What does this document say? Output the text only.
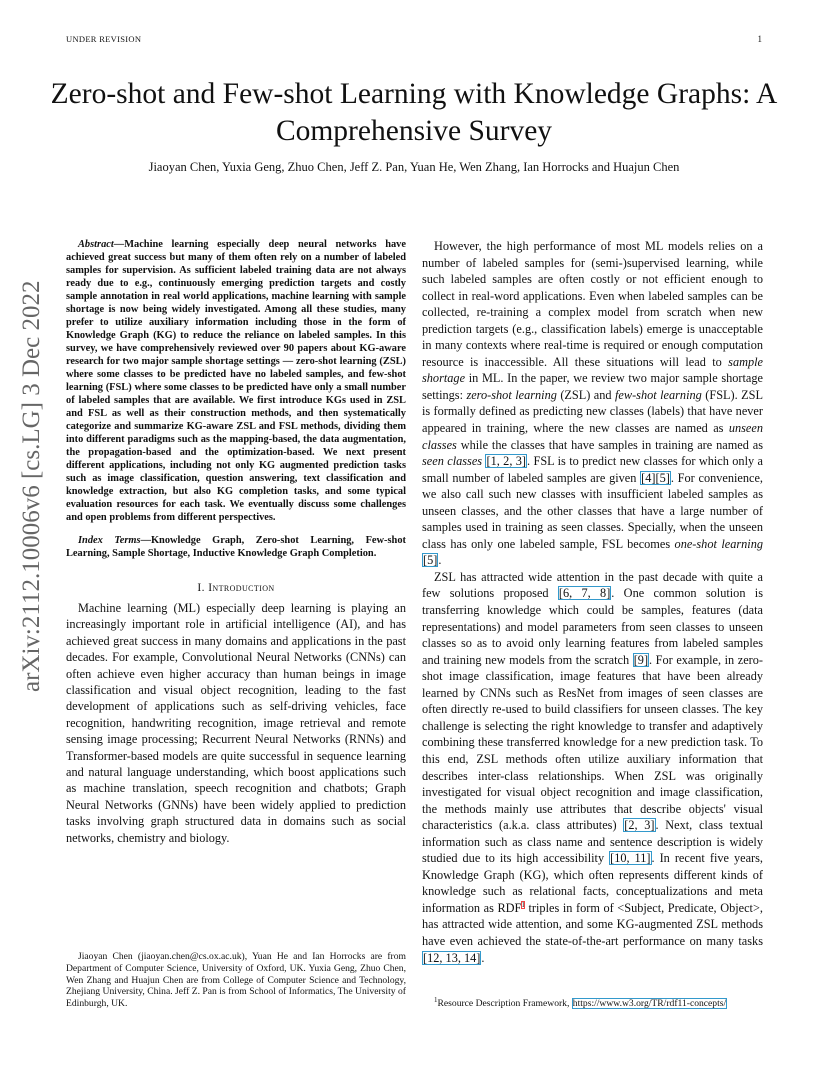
UNDER REVISION	1
arXiv:2112.10006v6 [cs.LG] 3 Dec 2022
Zero-shot and Few-shot Learning with Knowledge Graphs: A Comprehensive Survey
Jiaoyan Chen, Yuxia Geng, Zhuo Chen, Jeff Z. Pan, Yuan He, Wen Zhang, Ian Horrocks and Huajun Chen

Abstract—Machine learning especially deep neural networks have achieved great success but many of them often rely on a number of labeled samples for supervision. As sufficient labeled training data are not always ready due to e.g., continuously emerging prediction targets and costly sample annotation in real world applications, machine learning with sample shortage is now being widely investigated. Among all these studies, many prefer to utilize auxiliary information including those in the form of Knowledge Graph (KG) to reduce the reliance on labeled samples. In this survey, we have comprehensively reviewed over 90 papers about KG-aware research for two major sample shortage settings — zero-shot learning (ZSL) where some classes to be predicted have no labeled samples, and few-shot learning (FSL) where some classes to be predicted have only a small number of labeled samples that are available. We first introduce KGs used in ZSL and FSL as well as their construction methods, and then systematically categorize and summarize KG-aware ZSL and FSL methods, dividing them into different paradigms such as the mapping-based, the data augmentation, the propagation-based and the optimization-based. We next present different applications, including not only KG augmented prediction tasks such as image classification, question answering, text classification and knowledge extraction, but also KG completion tasks, and some typical evaluation resources for each task. We eventually discuss some challenges and open problems from different perspectives.

Index Terms—Knowledge Graph, Zero-shot Learning, Few-shot Learning, Sample Shortage, Inductive Knowledge Graph Completion.

I. Introduction

Machine learning (ML) especially deep learning is playing an increasingly important role in artificial intelligence (AI), and has achieved great success in many domains and applications in the past decades. For example, Convolutional Neural Networks (CNNs) can often achieve even higher accuracy than human beings in image classification and visual object recognition, leading to the fast development of applications such as self-driving vehicles, face recognition, handwriting recognition, image retrieval and remote sensing image processing; Recurrent Neural Networks (RNNs) and Transformer-based models are quite successful in sequence learning and natural language understanding, which boost applications such as machine translation, speech recognition and chatbots; Graph Neural Networks (GNNs) have been widely applied to prediction tasks involving graph structured data in domains such as social networks, chemistry and biology.

Jiaoyan Chen (jiaoyan.chen@cs.ox.ac.uk), Yuan He and Ian Horrocks are from Department of Computer Science, University of Oxford, UK. Yuxia Geng, Zhuo Chen, Wen Zhang and Huajun Chen are from College of Computer Science and Technology, Zhejiang University, China. Jeff Z. Pan is from School of Informatics, The University of Edinburgh, UK.

However, the high performance of most ML models relies on a number of labeled samples for (semi-)supervised learning, while such labeled samples are often costly or not efficient enough to collect in real-word applications. Even when labeled samples can be collected, re-training a complex model from scratch when new prediction targets (e.g., classification labels) emerge is unacceptable in many contexts where real-time is required or enough computation resource is inaccessible. All these situations will lead to sample shortage in ML. In the paper, we review two major sample shortage settings: zero-shot learning (ZSL) and few-shot learning (FSL). ZSL is formally defined as predicting new classes (labels) that have never appeared in training, where the new classes are named as unseen classes while the classes that have samples in training are named as seen classes [1, 2, 3]. FSL is to predict new classes for which only a small number of labeled samples are given [4][5]. For convenience, we also call such new classes with insufficient labeled samples as unseen classes, and the other classes that have a large number of samples used in training as seen classes. Specially, when the unseen class has only one labeled sample, FSL becomes one-shot learning [5].

ZSL has attracted wide attention in the past decade with quite a few solutions proposed [6, 7, 8]. One common solution is transferring knowledge which could be samples, features (data representations) and model parameters from seen classes to unseen classes so as to avoid only learning features from labeled samples and training new models from the scratch [9]. For example, in zero-shot image classification, image features that have been already learned by CNNs such as ResNet from images of seen classes are often directly re-used to build classifiers for unseen classes. The key challenge is selecting the right knowledge to transfer and adaptively combining these transferred knowledge for a new prediction task. To this end, ZSL methods often utilize auxiliary information that describes inter-class relationships. When ZSL was originally investigated for visual object recognition and image classification, the methods mainly use attributes that describe objects' visual characteristics (a.k.a. class attributes) [2, 3]. Next, class textual information such as class name and sentence description is widely studied due to its high accessibility [10, 11]. In recent five years, Knowledge Graph (KG), which often represents different kinds of knowledge such as relational facts, conceptualizations and meta information as RDF$^1$ triples in form of <Subject, Predicate, Object>, has attracted wide attention, and some KG-augmented ZSL methods have even achieved the state-of-the-art performance on many tasks [12, 13, 14].

$^1$Resource Description Framework, https://www.w3.org/TR/rdf11-concepts/
